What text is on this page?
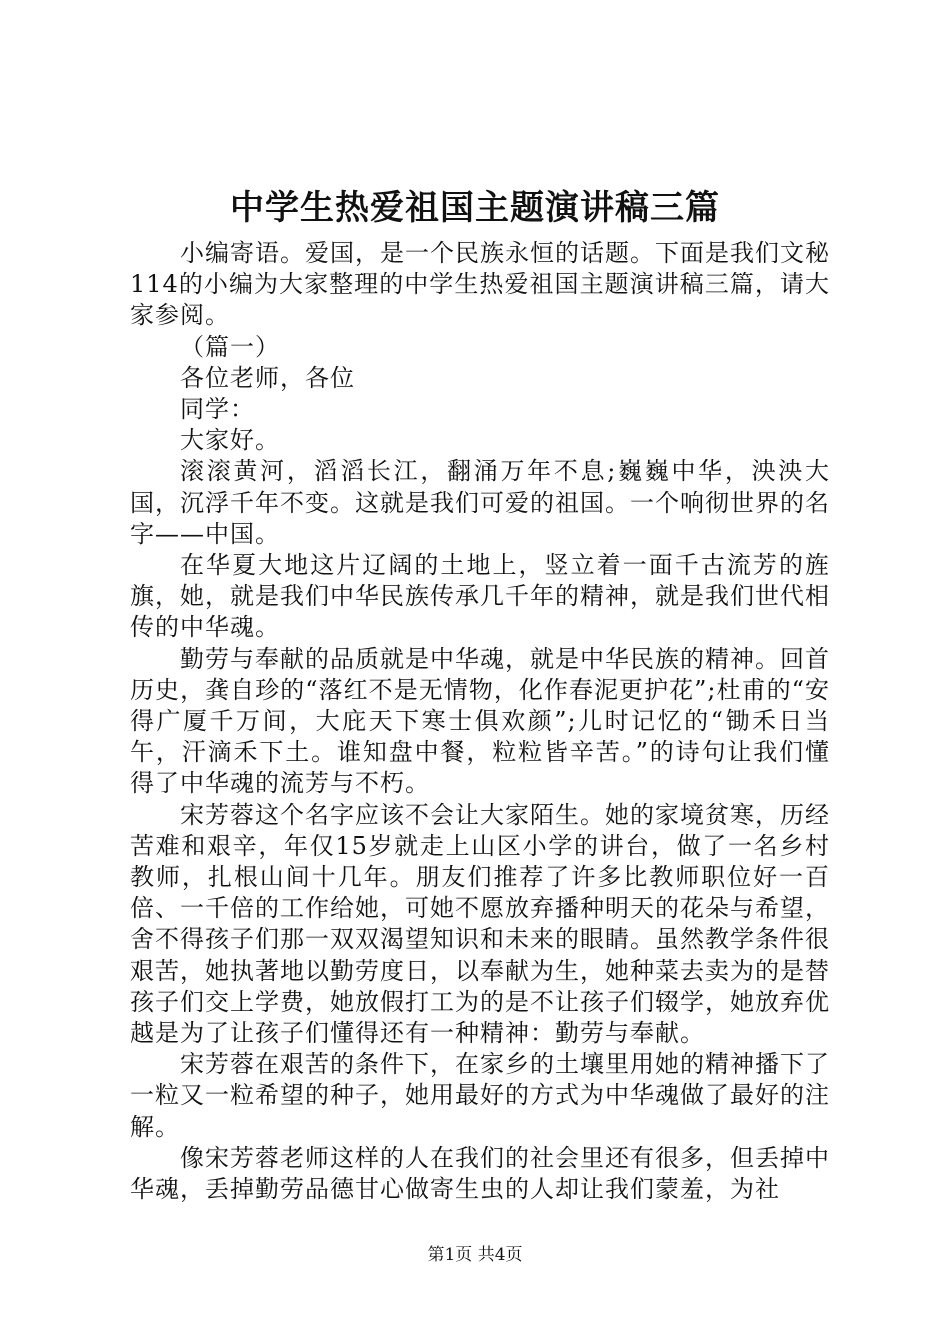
中学生热爱祖国主题演讲稿三篇

小编寄语。爱国，是一个民族永恒的话题。下面是我们文秘114的小编为大家整理的中学生热爱祖国主题演讲稿三篇，请大家参阅。

（篇一）

各位老师，各位

同学：

大家好。

滚滚黄河，滔滔长江，翻涌万年不息;巍巍中华，泱泱大国，沉浮千年不变。这就是我们可爱的祖国。一个响彻世界的名字——中国。

在华夏大地这片辽阔的土地上，竖立着一面千古流芳的旌旗，她，就是我们中华民族传承几千年的精神，就是我们世代相传的中华魂。

勤劳与奉献的品质就是中华魂，就是中华民族的精神。回首历史，龚自珍的“落红不是无情物，化作春泥更护花”;杜甫的“安得广厦千万间，大庇天下寒士俱欢颜”;儿时记忆的“锄禾日当午，汗滴禾下土。谁知盘中餐，粒粒皆辛苦。”的诗句让我们懂得了中华魂的流芳与不朽。

宋芳蓉这个名字应该不会让大家陌生。她的家境贫寒，历经苦难和艰辛，年仅15岁就走上山区小学的讲台，做了一名乡村教师，扎根山间十几年。朋友们推荐了许多比教师职位好一百倍、一千倍的工作给她，可她不愿放弃播种明天的花朵与希望，舍不得孩子们那一双双渴望知识和未来的眼睛。虽然教学条件很艰苦，她执著地以勤劳度日，以奉献为生，她种菜去卖为的是替孩子们交上学费，她放假打工为的是不让孩子们辍学，她放弃优越是为了让孩子们懂得还有一种精神：勤劳与奉献。

宋芳蓉在艰苦的条件下，在家乡的土壤里用她的精神播下了一粒又一粒希望的种子，她用最好的方式为中华魂做了最好的注解。

像宋芳蓉老师这样的人在我们的社会里还有很多，但丢掉中华魂，丢掉勤劳品德甘心做寄生虫的人却让我们蒙羞，为社

第1页 共4页
